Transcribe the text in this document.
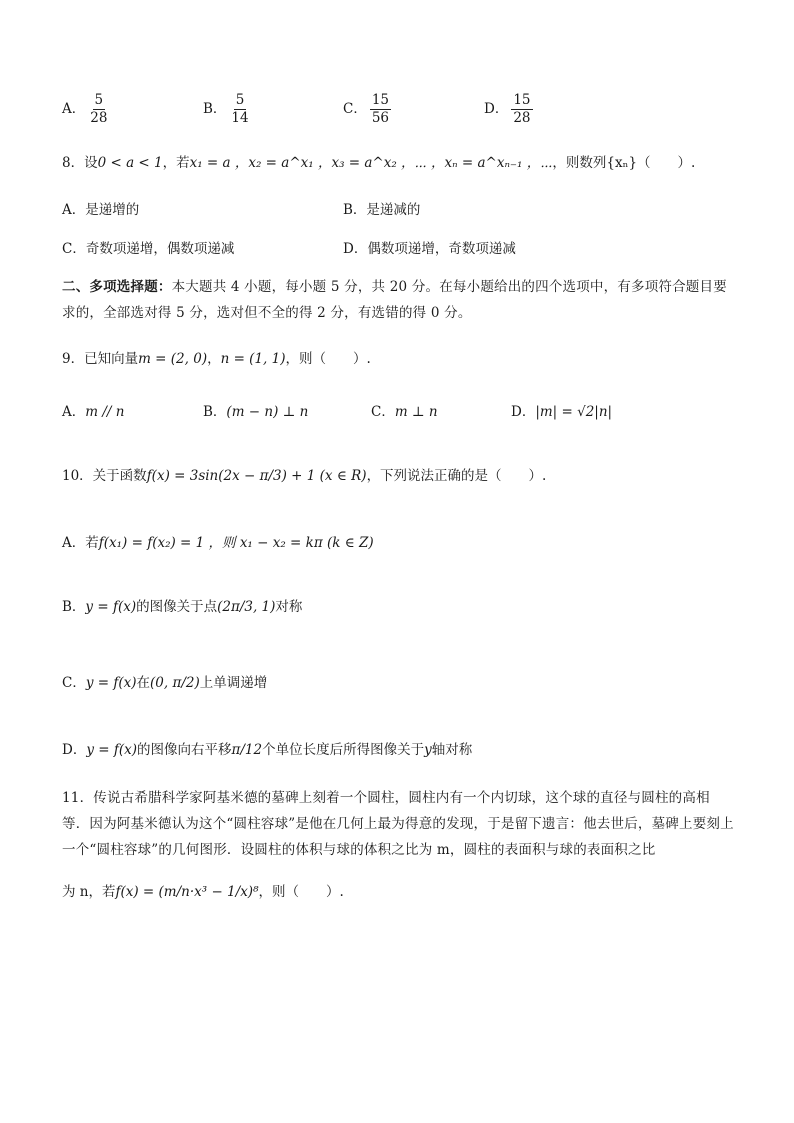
A． $\frac{5}{28}$	B． $\frac{5}{14}$	C． $\frac{15}{56}$	D． $\frac{15}{28}$
8．设0 < a < 1，若x₁ = a ，x₂ = a^x₁ ，x₃ = a^x₂ ，⋯ ，xₙ = a^xₙ₋₁ ，⋯，则数列{xₙ}（　　）.
A．是递增的	B．是递减的
C．奇数项递增，偶数项递减	D．偶数项递增，奇数项递减
二、多项选择题：本大题共 4 小题，每小题 5 分，共 20 分。在每小题给出的四个选项中，有多项符合题目要求的，全部选对得 5 分，选对但不全的得 2 分，有选错的得 0 分。
9．已知向量m = (2, 0)，n = (1, 1)，则（　　）.
A．m // n	B．(m − n) ⊥ n	C．m ⊥ n	D．|m| = √2|n|
10．关于函数f(x) = 3sin(2x − π/3) + 1 (x ∈ R)，下列说法正确的是（　　）.
A．若f(x₁) = f(x₂) = 1 ，则 x₁ − x₂ = kπ (k ∈ Z)
B．y = f(x)的图像关于点(2π/3, 1)对称
C．y = f(x)在(0, π/2)上单调递增
D．y = f(x)的图像向右平移π/12个单位长度后所得图像关于y轴对称
11．传说古希腊科学家阿基米德的墓碑上刻着一个圆柱，圆柱内有一个内切球，这个球的直径与圆柱的高相等．因为阿基米德认为这个“圆柱容球”是他在几何上最为得意的发现，于是留下遗言：他去世后，墓碑上要刻上一个“圆柱容球”的几何图形．设圆柱的体积与球的体积之比为 m，圆柱的表面积与球的表面积之比
为 n，若f(x) = (m/n·x³ − 1/x)⁸，则（　　）.
